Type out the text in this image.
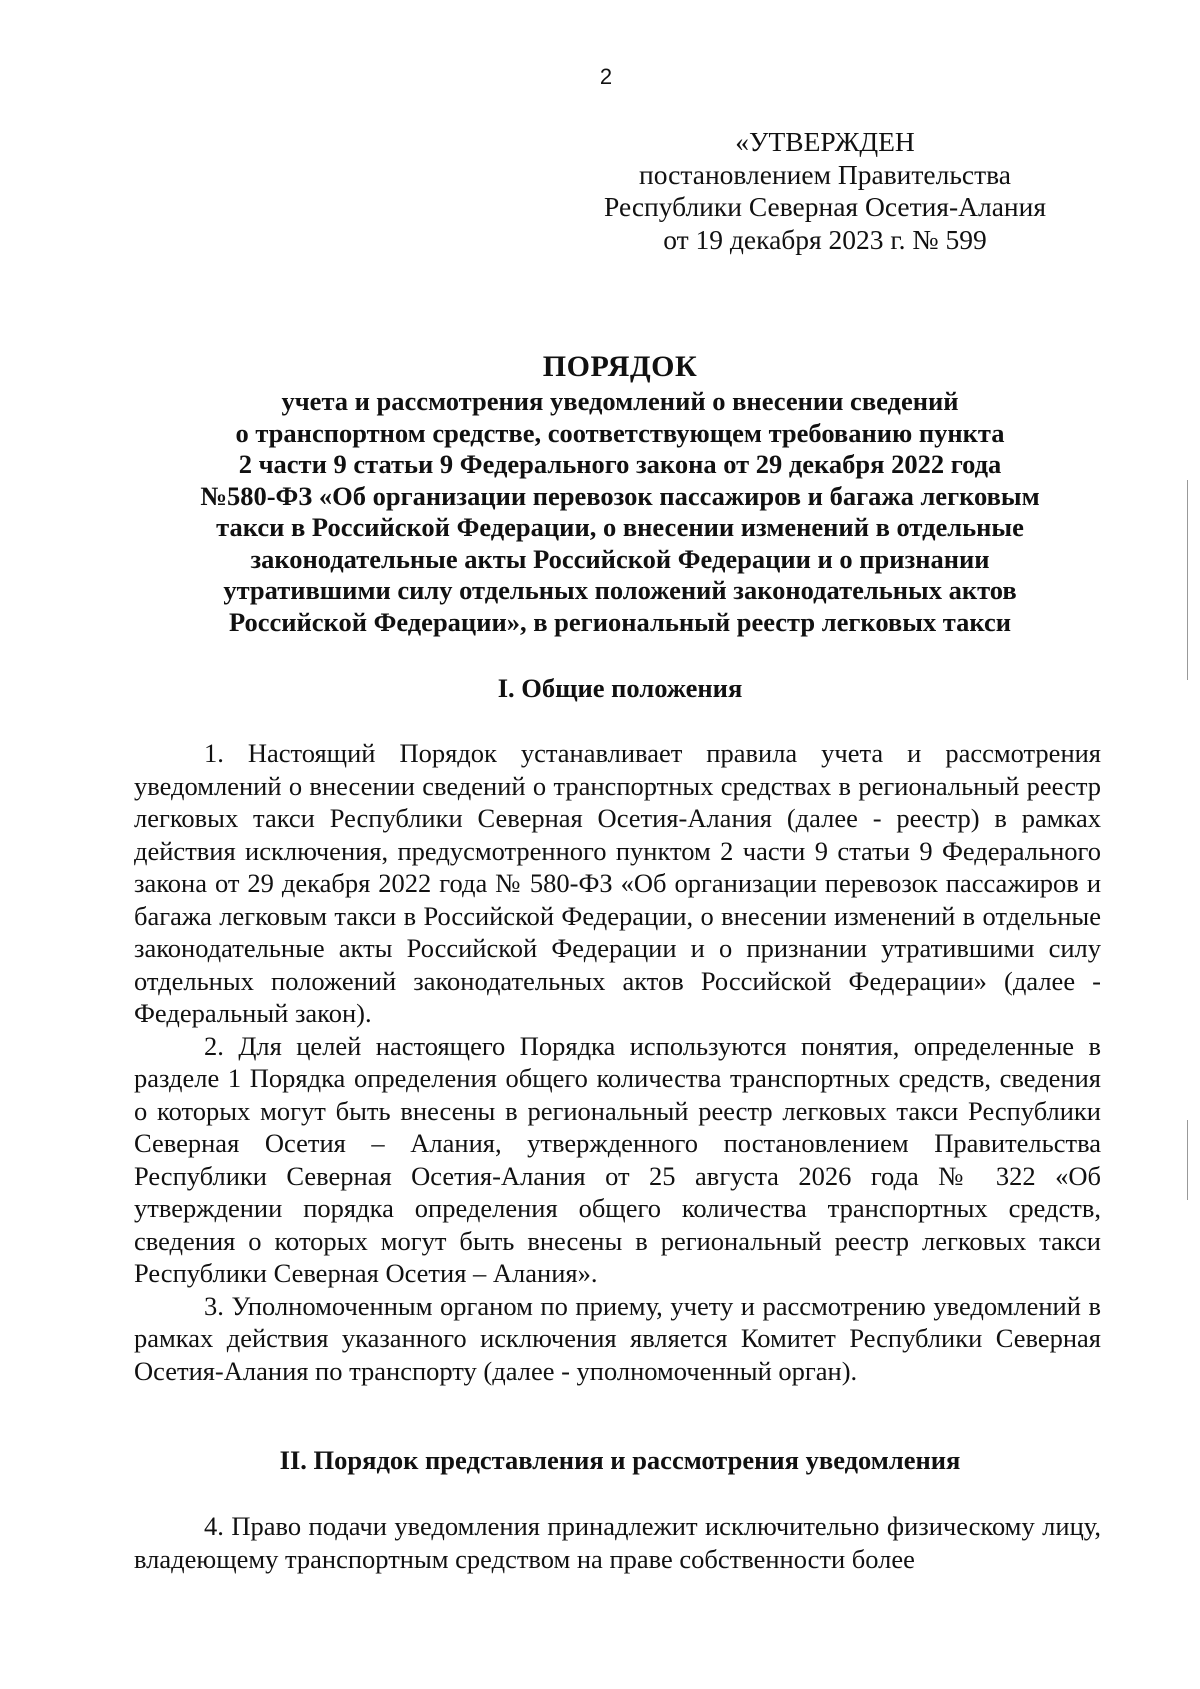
2
«УТВЕРЖДЕН
постановлением Правительства
Республики Северная Осетия-Алания
от 19 декабря 2023 г. № 599
ПОРЯДОК
учета и рассмотрения уведомлений о внесении сведений
о транспортном средстве, соответствующем требованию пункта
2 части 9 статьи 9 Федерального закона от 29 декабря 2022 года
№580-ФЗ «Об организации перевозок пассажиров и багажа легковым
такси в Российской Федерации, о внесении изменений в отдельные
законодательные акты Российской Федерации и о признании
утратившими силу отдельных положений законодательных актов
Российской Федерации», в региональный реестр легковых такси
I. Общие положения

1. Настоящий Порядок устанавливает правила учета и рассмотрения уведомлений о внесении сведений о транспортных средствах в региональный реестр легковых такси Республики Северная Осетия-Алания (далее - реестр) в рамках действия исключения, предусмотренного пунктом 2 части 9 статьи 9 Федерального закона от 29 декабря 2022 года № 580-ФЗ «Об организации перевозок пассажиров и багажа легковым такси в Российской Федерации, о внесении изменений в отдельные законодательные акты Российской Федерации и о признании утратившими силу отдельных положений законодательных актов Российской Федерации» (далее - Федеральный закон).

2. Для целей настоящего Порядка используются понятия, определенные в разделе 1 Порядка определения общего количества транспортных средств, сведения о которых могут быть внесены в региональный реестр легковых такси Республики Северная Осетия – Алания, утвержденного постановлением Правительства Республики Северная Осетия-Алания от 25 августа 2026 года № 322 «Об утверждении порядка определения общего количества транспортных средств, сведения о которых могут быть внесены в региональный реестр легковых такси Республики Северная Осетия – Алания».

3. Уполномоченным органом по приему, учету и рассмотрению уведомлений в рамках действия указанного исключения является Комитет Республики Северная Осетия-Алания по транспорту (далее - уполномоченный орган).

II. Порядок представления и рассмотрения уведомления

4. Право подачи уведомления принадлежит исключительно физическому лицу, владеющему транспортным средством на праве собственности более
